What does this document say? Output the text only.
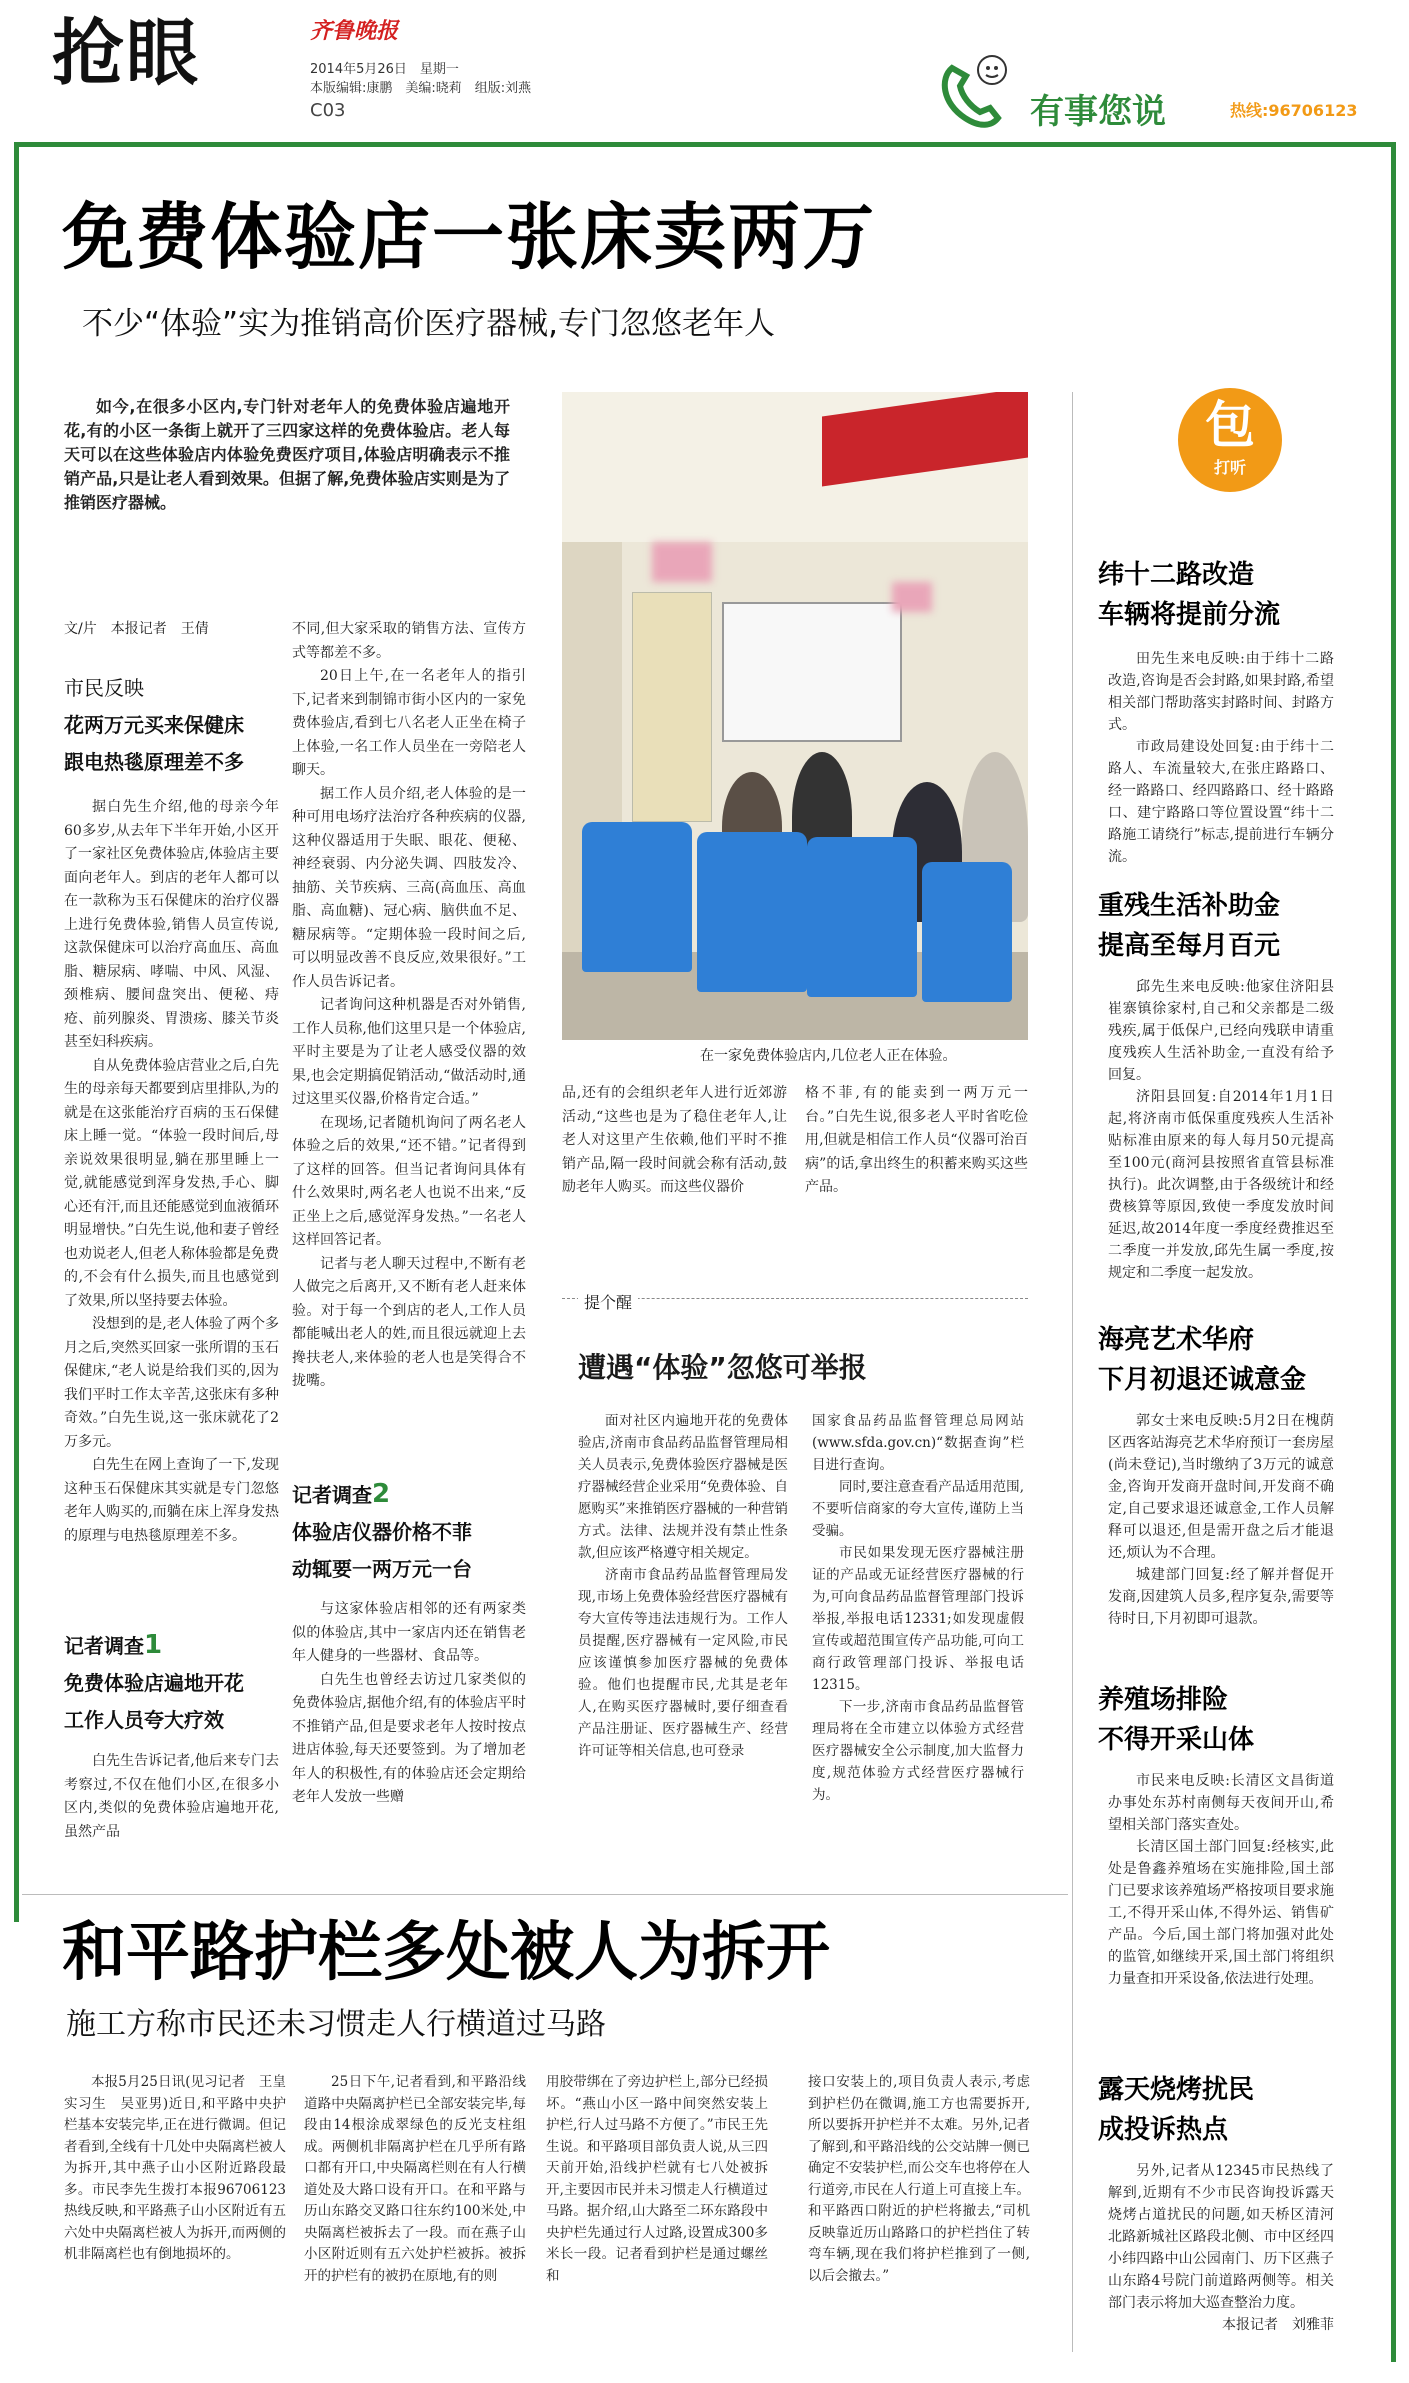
抢眼	齐鲁晚报
2014年5月26日　星期一
本版编辑:康鹏　美编:晓莉　组版:刘燕
C03	有事您说	热线:96706123
免费体验店一张床卖两万
不少“体验”实为推销高价医疗器械,专门忽悠老年人

如今,在很多小区内,专门针对老年人的免费体验店遍地开花,有的小区一条街上就开了三四家这样的免费体验店。老人每天可以在这些体验店内体验免费医疗项目,体验店明确表示不推销产品,只是让老人看到效果。但据了解,免费体验店实则是为了推销医疗器械。

文/片　本报记者　王倩
在一家免费体验店内,几位老人正在体验。
市民反映
花两万元买来保健床
跟电热毯原理差不多

据白先生介绍,他的母亲今年60多岁,从去年下半年开始,小区开了一家社区免费体验店,体验店主要面向老年人。到店的老年人都可以在一款称为玉石保健床的治疗仪器上进行免费体验,销售人员宣传说,这款保健床可以治疗高血压、高血脂、糖尿病、哮喘、中风、风湿、颈椎病、腰间盘突出、便秘、痔疮、前列腺炎、胃溃疡、膝关节炎甚至妇科疾病。

自从免费体验店营业之后,白先生的母亲每天都要到店里排队,为的就是在这张能治疗百病的玉石保健床上睡一觉。“体验一段时间后,母亲说效果很明显,躺在那里睡上一觉,就能感觉到浑身发热,手心、脚心还有汗,而且还能感觉到血液循环明显增快。”白先生说,他和妻子曾经也劝说老人,但老人称体验都是免费的,不会有什么损失,而且也感觉到了效果,所以坚持要去体验。

没想到的是,老人体验了两个多月之后,突然买回家一张所谓的玉石保健床,“老人说是给我们买的,因为我们平时工作太辛苦,这张床有多种奇效。”白先生说,这一张床就花了2万多元。

白先生在网上查询了一下,发现这种玉石保健床其实就是专门忽悠老年人购买的,而躺在床上浑身发热的原理与电热毯原理差不多。

记者调查1
免费体验店遍地开花
工作人员夸大疗效

白先生告诉记者,他后来专门去考察过,不仅在他们小区,在很多小区内,类似的免费体验店遍地开花,虽然产品

不同,但大家采取的销售方法、宣传方式等都差不多。

20日上午,在一名老年人的指引下,记者来到制锦市街小区内的一家免费体验店,看到七八名老人正坐在椅子上体验,一名工作人员坐在一旁陪老人聊天。

据工作人员介绍,老人体验的是一种可用电场疗法治疗各种疾病的仪器,这种仪器适用于失眠、眼花、便秘、神经衰弱、内分泌失调、四肢发冷、抽筋、关节疾病、三高(高血压、高血脂、高血糖)、冠心病、脑供血不足、糖尿病等。“定期体验一段时间之后,可以明显改善不良反应,效果很好。”工作人员告诉记者。

记者询问这种机器是否对外销售,工作人员称,他们这里只是一个体验店,平时主要是为了让老人感受仪器的效果,也会定期搞促销活动,“做活动时,通过这里买仪器,价格肯定合适。”

在现场,记者随机询问了两名老人体验之后的效果,“还不错。”记者得到了这样的回答。但当记者询问具体有什么效果时,两名老人也说不出来,“反正坐上之后,感觉浑身发热。”一名老人这样回答记者。

记者与老人聊天过程中,不断有老人做完之后离开,又不断有老人赶来体验。对于每一个到店的老人,工作人员都能喊出老人的姓,而且很远就迎上去搀扶老人,来体验的老人也是笑得合不拢嘴。

记者调查2
体验店仪器价格不菲
动辄要一两万元一台

与这家体验店相邻的还有两家类似的体验店,其中一家店内还在销售老年人健身的一些器材、食品等。

白先生也曾经去访过几家类似的免费体验店,据他介绍,有的体验店平时不推销产品,但是要求老年人按时按点进店体验,每天还要签到。为了增加老年人的积极性,有的体验店还会定期给老年人发放一些赠

品,还有的会组织老年人进行近郊游活动,“这些也是为了稳住老年人,让老人对这里产生依赖,他们平时不推销产品,隔一段时间就会称有活动,鼓励老年人购买。而这些仪器价

格不菲,有的能卖到一两万元一台。”白先生说,很多老人平时省吃俭用,但就是相信工作人员“仪器可治百病”的话,拿出终生的积蓄来购买这些产品。

提个醒
遭遇“体验”忽悠可举报

面对社区内遍地开花的免费体验店,济南市食品药品监督管理局相关人员表示,免费体验医疗器械是医疗器械经营企业采用“免费体验、自愿购买”来推销医疗器械的一种营销方式。法律、法规并没有禁止性条款,但应该严格遵守相关规定。

济南市食品药品监督管理局发现,市场上免费体验经营医疗器械有夸大宣传等违法违规行为。工作人员提醒,医疗器械有一定风险,市民应该谨慎参加医疗器械的免费体验。他们也提醒市民,尤其是老年人,在购买医疗器械时,要仔细查看产品注册证、医疗器械生产、经营许可证等相关信息,也可登录

国家食品药品监督管理总局网站(www.sfda.gov.cn)“数据查询”栏目进行查询。

同时,要注意查看产品适用范围,不要听信商家的夸大宣传,谨防上当受骗。

市民如果发现无医疗器械注册证的产品或无证经营医疗器械的行为,可向食品药品监督管理部门投诉举报,举报电话12331;如发现虚假宣传或超范围宣传产品功能,可向工商行政管理部门投诉、举报电话12315。

下一步,济南市食品药品监督管理局将在全市建立以体验方式经营医疗器械安全公示制度,加大监督力度,规范体验方式经营医疗器械行为。

包
打听
纬十二路改造
车辆将提前分流

田先生来电反映:由于纬十二路改造,咨询是否会封路,如果封路,希望相关部门帮助落实封路时间、封路方式。

市政局建设处回复:由于纬十二路人、车流量较大,在张庄路路口、经一路路口、经四路路口、经十路路口、建宁路路口等位置设置“纬十二路施工请绕行”标志,提前进行车辆分流。

重残生活补助金
提高至每月百元

邱先生来电反映:他家住济阳县崔寨镇徐家村,自己和父亲都是二级残疾,属于低保户,已经向残联申请重度残疾人生活补助金,一直没有给予回复。

济阳县回复:自2014年1月1日起,将济南市低保重度残疾人生活补贴标准由原来的每人每月50元提高至100元(商河县按照省直管县标准执行)。此次调整,由于各级统计和经费核算等原因,致使一季度发放时间延迟,故2014年度一季度经费推迟至二季度一并发放,邱先生属一季度,按规定和二季度一起发放。

海亮艺术华府
下月初退还诚意金

郭女士来电反映:5月2日在槐荫区西客站海亮艺术华府预订一套房屋(尚未登记),当时缴纳了3万元的诚意金,咨询开发商开盘时间,开发商不确定,自己要求退还诚意金,工作人员解释可以退还,但是需开盘之后才能退还,烦认为不合理。

城建部门回复:经了解并督促开发商,因建筑人员多,程序复杂,需要等待时日,下月初即可退款。

养殖场排险
不得开采山体

市民来电反映:长清区文昌街道办事处东苏村南侧每天夜间开山,希望相关部门落实查处。

长清区国土部门回复:经核实,此处是鲁鑫养殖场在实施排险,国土部门已要求该养殖场严格按项目要求施工,不得开采山体,不得外运、销售矿产品。今后,国土部门将加强对此处的监管,如继续开采,国土部门将组织力量查扣开采设备,依法进行处理。

露天烧烤扰民
成投诉热点

另外,记者从12345市民热线了解到,近期有不少市民咨询投诉露天烧烤占道扰民的问题,如天桥区清河北路新城社区路段北侧、市中区经四小纬四路中山公园南门、历下区燕子山东路4号院门前道路两侧等。相关部门表示将加大巡查整治力度。

本报记者　刘雅菲

和平路护栏多处被人为拆开
施工方称市民还未习惯走人行横道过马路

本报5月25日讯(见习记者　王皇　实习生　吴亚男)近日,和平路中央护栏基本安装完毕,正在进行微调。但记者看到,全线有十几处中央隔离栏被人为拆开,其中燕子山小区附近路段最多。市民李先生拨打本报96706123热线反映,和平路燕子山小区附近有五六处中央隔离栏被人为拆开,而两侧的机非隔离栏也有倒地损坏的。

25日下午,记者看到,和平路沿线道路中央隔离护栏已全部安装完毕,每段由14根涂成翠绿色的反光支柱组成。两侧机非隔离护栏在几乎所有路口都有开口,中央隔离栏则在有人行横道处及大路口设有开口。在和平路与历山东路交叉路口往东约100米处,中央隔离栏被拆去了一段。而在燕子山小区附近则有五六处护栏被拆。被拆开的护栏有的被扔在原地,有的则

用胶带绑在了旁边护栏上,部分已经损坏。“燕山小区一路中间突然安装上护栏,行人过马路不方便了。”市民王先生说。和平路项目部负责人说,从三四天前开始,沿线护栏就有七八处被拆开,主要因市民并未习惯走人行横道过马路。据介绍,山大路至二环东路段中央护栏先通过行人过路,设置成300多米长一段。记者看到护栏是通过螺丝和

接口安装上的,项目负责人表示,考虑到护栏仍在微调,施工方也需要拆开,所以要拆开护栏并不太难。另外,记者了解到,和平路沿线的公交站牌一侧已确定不安装护栏,而公交车也将停在人行道旁,市民在人行道上可直接上车。和平路西口附近的护栏将撤去,“司机反映靠近历山路路口的护栏挡住了转弯车辆,现在我们将护栏推到了一侧,以后会撤去。”
